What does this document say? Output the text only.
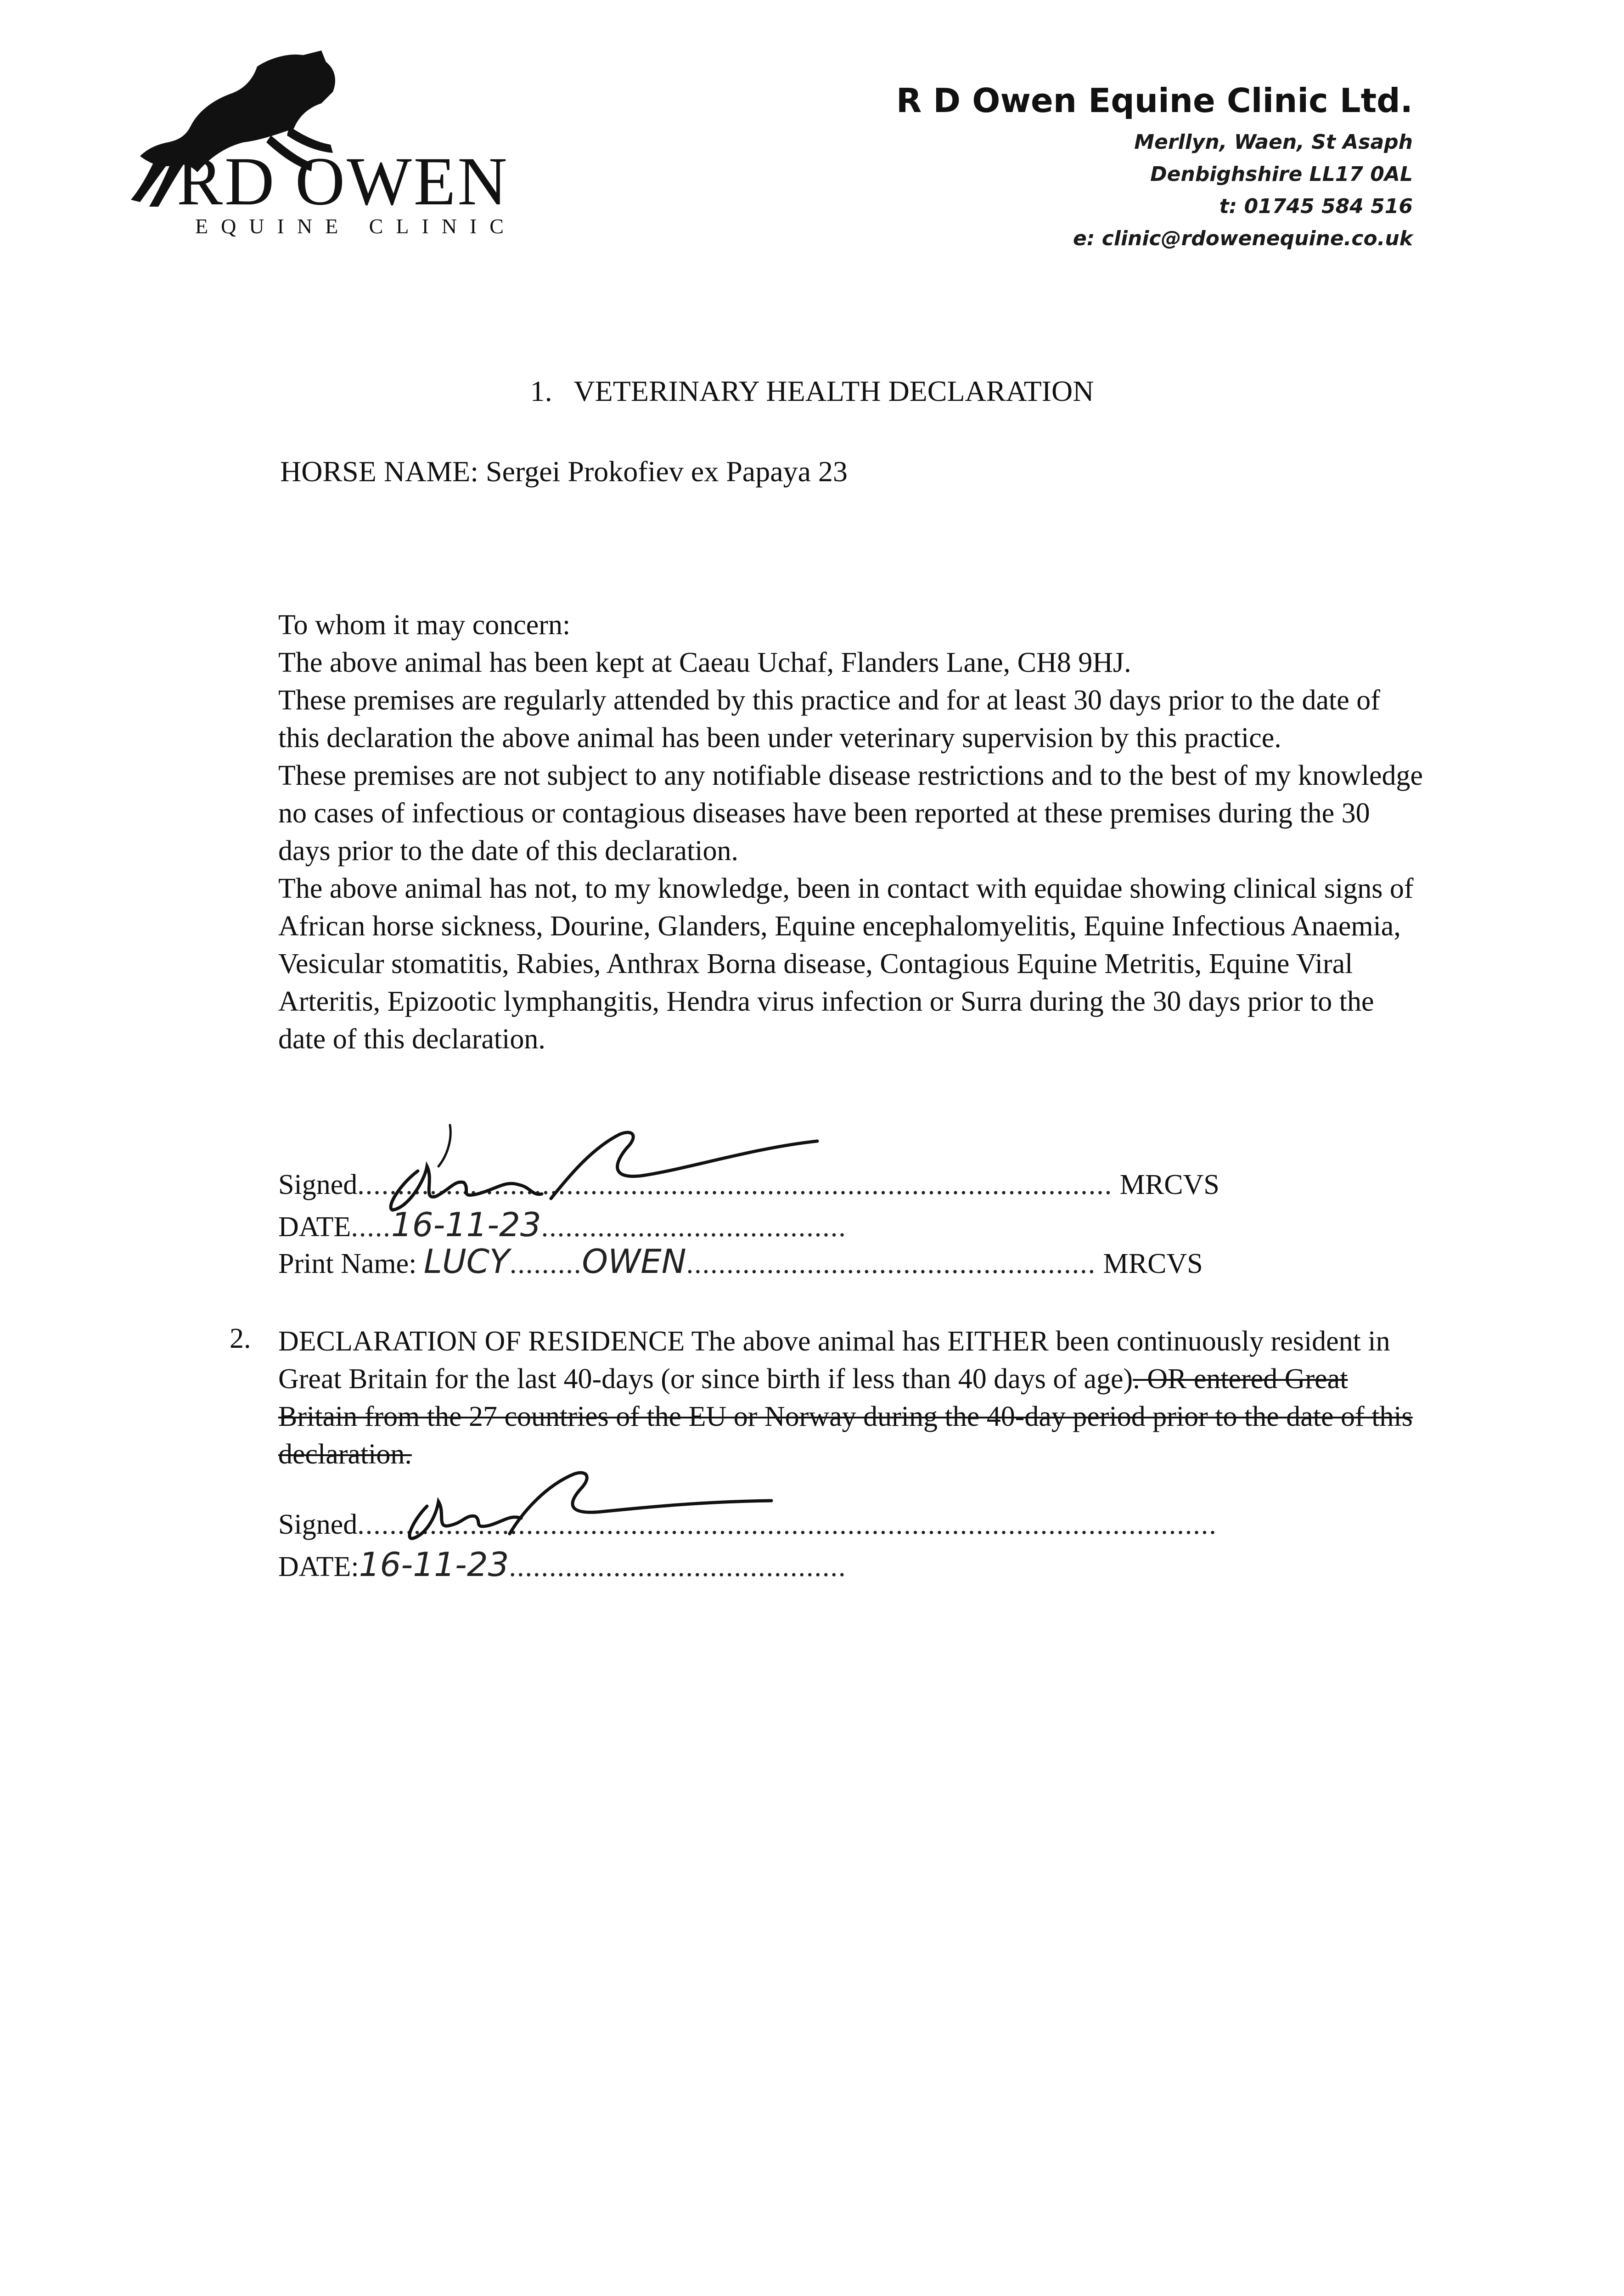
RD OWEN
EQUINE CLINIC
R D Owen Equine Clinic Ltd.
Merllyn, Waen, St Asaph
Denbighshire LL17 0AL
t: 01745 584 516
e: clinic@rdowenequine.co.uk
1.   VETERINARY HEALTH DECLARATION
HORSE NAME: Sergei Prokofiev ex Papaya 23

To whom it may concern:

The above animal has been kept at Caeau Uchaf, Flanders Lane, CH8 9HJ.

These premises are regularly attended by this practice and for at least 30 days prior to the date of this declaration the above animal has been under veterinary supervision by this practice.

These premises are not subject to any notifiable disease restrictions and to the best of my knowledge no cases of infectious or contagious diseases have been reported at these premises during the 30 days prior to the date of this declaration.

The above animal has not, to my knowledge, been in contact with equidae showing clinical signs of African horse sickness, Dourine, Glanders, Equine encephalomyelitis, Equine Infectious Anaemia, Vesicular stomatitis, Rabies, Anthrax Borna disease, Contagious Equine Metritis, Equine Viral Arteritis, Epizootic lymphangitis, Hendra virus infection or Surra during the 30 days prior to the date of this declaration.

Signed.............................................................................................. MRCVS
DATE.....16-11-23......................................
Print Name: LUCY.........OWEN................................................... MRCVS
2. DECLARATION OF RESIDENCE The above animal has EITHER been continuously resident in Great Britain for the last 40-days (or since birth if less than 40 days of age). OR entered Great Britain from the 27 countries of the EU or Norway during the 40-day period prior to the date of this declaration.

Signed...........................................................................................................
DATE:16-11-23..........................................
